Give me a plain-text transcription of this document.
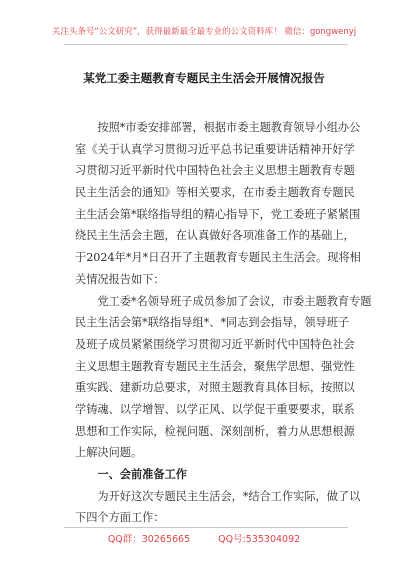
关注头条号“公文研究”，获得最新最全最专业的公文资料库！ 微信：gongwenyj
某党工委主题教育专题民主生活会开展情况报告
　　按照*市委安排部署，根据市委主题教育领导小组办公
室《关于认真学习贯彻习近平总书记重要讲话精神开好学
习贯彻习近平新时代中国特色社会主义思想主题教育专题
民主生活会的通知》等相关要求，在市委主题教育专题民
主生活会第*联络指导组的精心指导下，党工委班子紧紧围
绕民主生活会主题，在认真做好各项准备工作的基础上，
于2024年*月*日召开了主题教育专题民主生活会。现将相
关情况报告如下：
　　党工委*名领导班子成员参加了会议，市委主题教育专题
民主生活会第*联络指导组*、*同志到会指导，领导班子
及班子成员紧紧围绕学习贯彻习近平新时代中国特色社会
主义思想主题教育专题民主生活会，聚焦学思想、强党性
重实践、建新功总要求，对照主题教育具体目标，按照以
学铸魂、以学增智、以学正风、以学促干重要要求，联系
思想和工作实际，检视问题、深刻剖析，着力从思想根源
上解决问题。
　　一、会前准备工作
　　为开好这次专题民主生活会，*结合工作实际，做了以
下四个方面工作：
QQ群：30265665	QQ号:535304092
